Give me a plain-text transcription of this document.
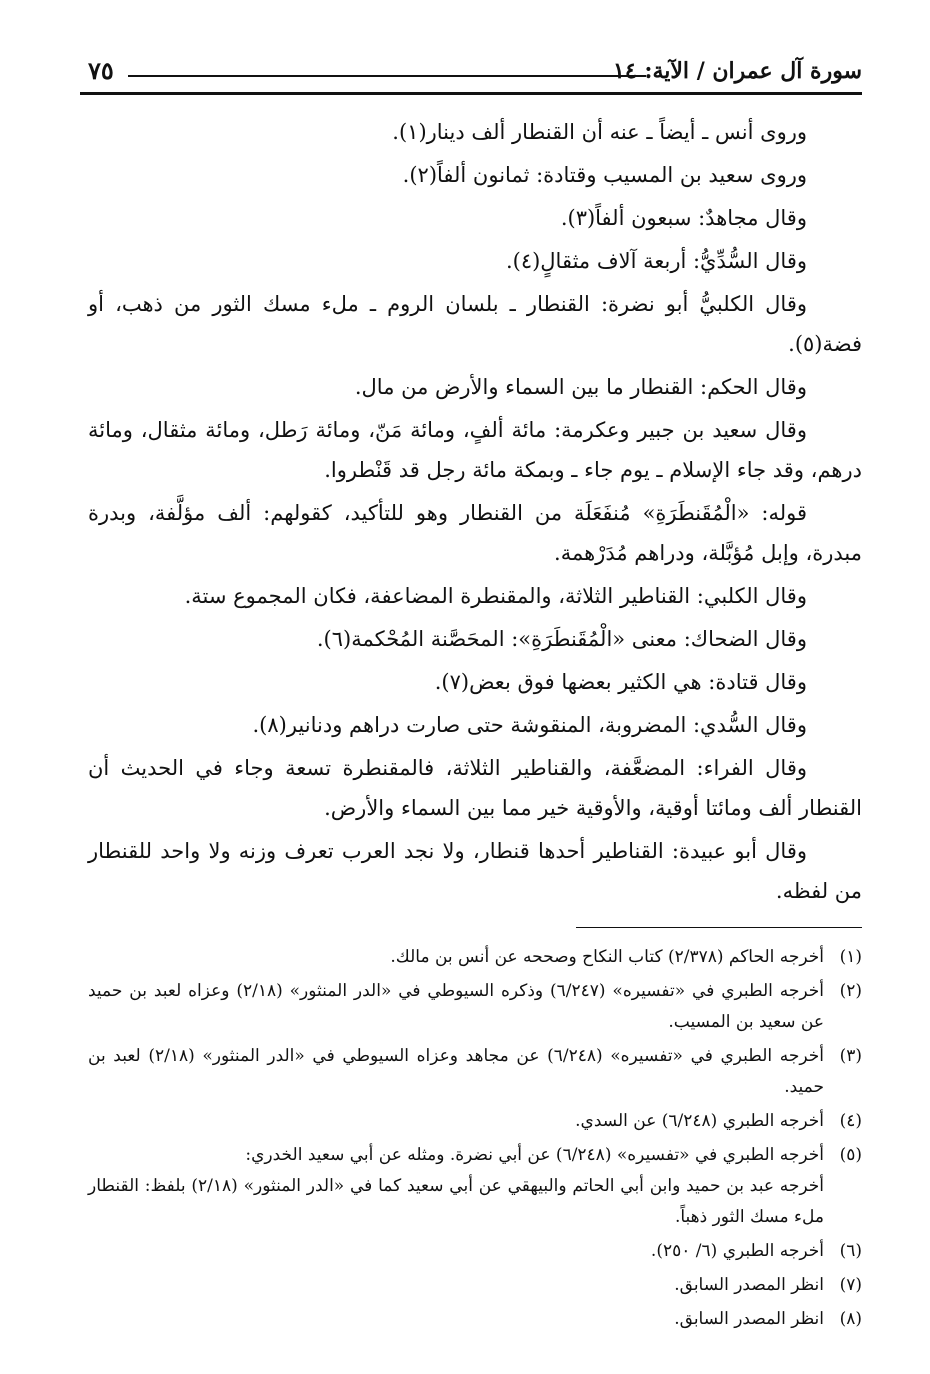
سورة آل عمران / الآية: ١٤
٧٥

وروى أنس ـ أيضاً ـ عنه أن القنطار ألف دينار(١).

وروى سعيد بن المسيب وقتادة: ثمانون ألفاً(٢).

وقال مجاهدٌ: سبعون ألفاً(٣).

وقال السُّدِّيُّ: أربعة آلاف مثقالٍ(٤).

وقال الكلبيُّ أبو نضرة: القنطار ـ بلسان الروم ـ ملء مسك الثور من ذهب، أو فضة(٥).

وقال الحكم: القنطار ما بين السماء والأرض من مال.

وقال سعيد بن جبير وعكرمة: مائة ألفٍ، ومائة مَنّ، ومائة رَطل، ومائة مثقال، ومائة درهم، وقد جاء الإسلام ـ يوم جاء ـ وبمكة مائة رجل قد قَنْطروا.

قوله: «الْمُقَنطَرَةِ» مُنفَعَلَة من القنطار وهو للتأكيد، كقولهم: ألف مؤلَّفة، وبدرة مبدرة، وإبل مُؤبَّلة، ودراهم مُدَرْهمة.

وقال الكلبي: القناطير الثلاثة، والمقنطرة المضاعفة، فكان المجموع ستة.

وقال الضحاك: معنى «الْمُقَنطَرَةِ»: المحَصَّنة المُحْكمة(٦).

وقال قتادة: هي الكثير بعضها فوق بعض(٧).

وقال السُّدي: المضروبة، المنقوشة حتى صارت دراهم ودنانير(٨).

وقال الفراء: المضعَّفة، والقناطير الثلاثة، فالمقنطرة تسعة وجاء في الحديث أن القنطار ألف ومائتا أوقية، والأوقية خير مما بين السماء والأرض.

وقال أبو عبيدة: القناطير أحدها قنطار، ولا نجد العرب تعرف وزنه ولا واحد للقنطار من لفظه.

(١)
أخرجه الحاكم (٢/٣٧٨) كتاب النكاح وصححه عن أنس بن مالك.

(٢)
أخرجه الطبري في «تفسيره» (٦/٢٤٧) وذكره السيوطي في «الدر المنثور» (٢/١٨) وعزاه لعبد بن حميد عن سعيد بن المسيب.

(٣)
أخرجه الطبري في «تفسيره» (٦/٢٤٨) عن مجاهد وعزاه السيوطي في «الدر المنثور» (٢/١٨) لعبد بن حميد.

(٤)
أخرجه الطبري (٦/٢٤٨) عن السدي.

(٥)
أخرجه الطبري في «تفسيره» (٦/٢٤٨) عن أبي نضرة. ومثله عن أبي سعيد الخدري:
أخرجه عبد بن حميد وابن أبي الحاتم والبيهقي عن أبي سعيد كما في «الدر المنثور» (٢/١٨) بلفظ: القنطار ملء مسك الثور ذهباً.

(٦)
أخرجه الطبري (٦/ ٢٥٠).

(٧)
انظر المصدر السابق.

(٨)
انظر المصدر السابق.
